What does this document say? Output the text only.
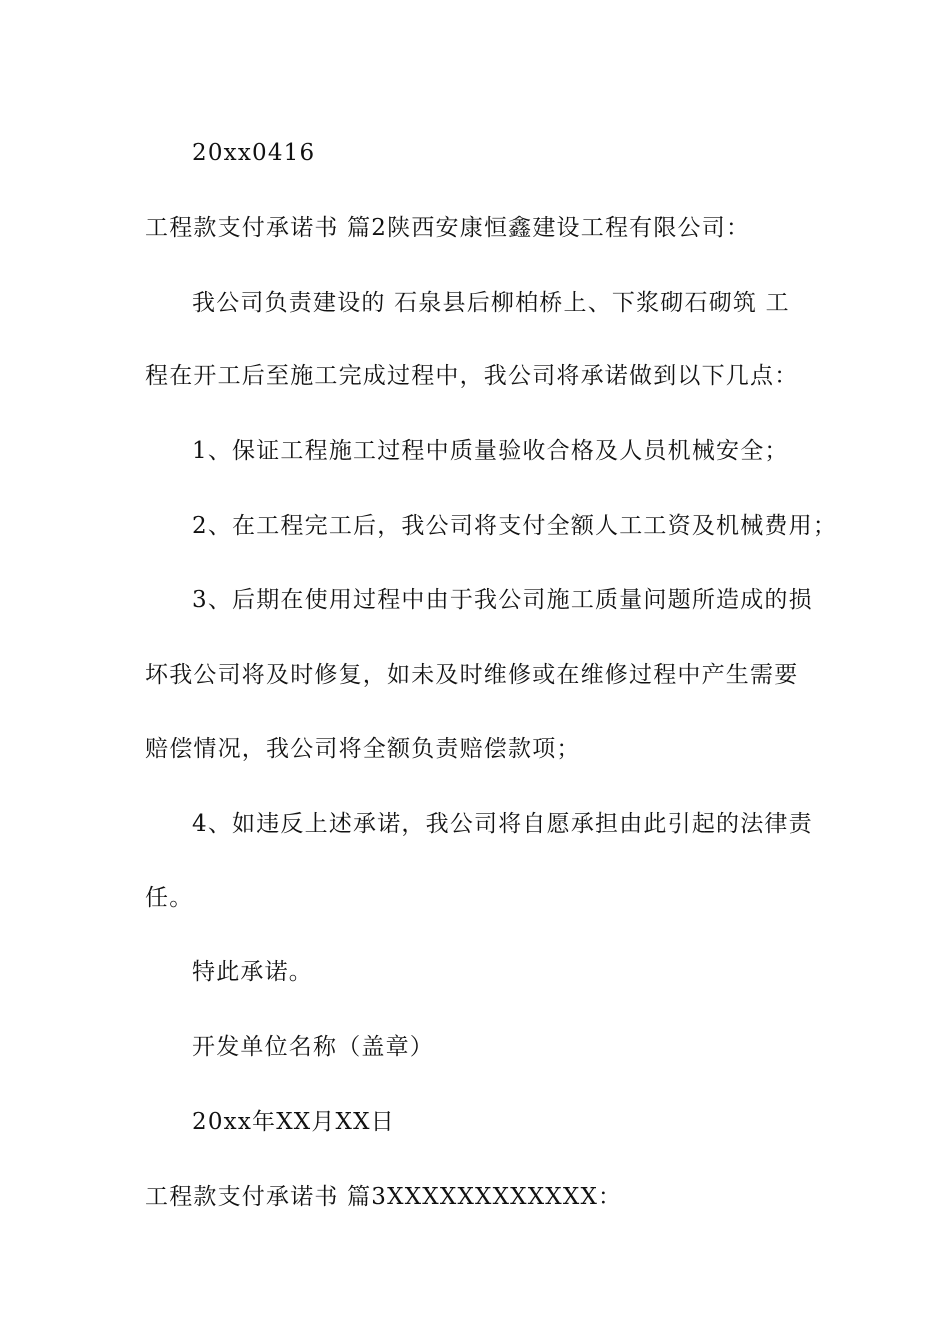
20xx0416
工程款支付承诺书 篇2陕西安康恒鑫建设工程有限公司：
我公司负责建设的 石泉县后柳柏桥上、下浆砌石砌筑 工
程在开工后至施工完成过程中，我公司将承诺做到以下几点：
1、保证工程施工过程中质量验收合格及人员机械安全；
2、在工程完工后，我公司将支付全额人工工资及机械费用；
3、后期在使用过程中由于我公司施工质量问题所造成的损
坏我公司将及时修复，如未及时维修或在维修过程中产生需要
赔偿情况，我公司将全额负责赔偿款项；
4、如违反上述承诺，我公司将自愿承担由此引起的法律责
任。
特此承诺。
开发单位名称（盖章）
20xx年XX月XX日
工程款支付承诺书 篇3XXXXXXXXXXXX：
